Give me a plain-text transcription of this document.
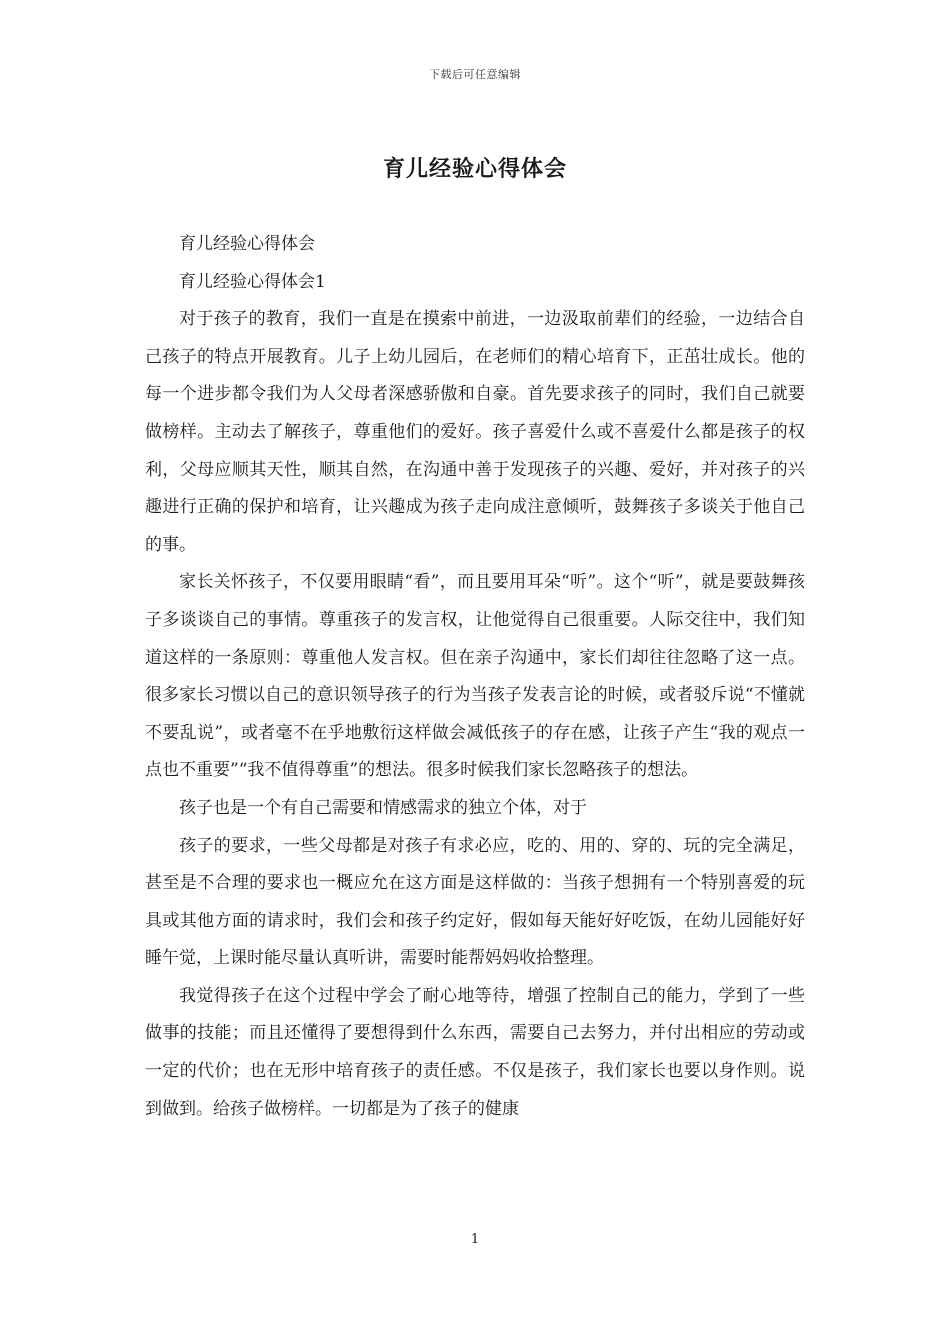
下载后可任意编辑
育儿经验心得体会

育儿经验心得体会

育儿经验心得体会1

对于孩子的教育，我们一直是在摸索中前进，一边汲取前辈们的经验，一边结合自己孩子的特点开展教育。儿子上幼儿园后，在老师们的精心培育下，正茁壮成长。他的每一个进步都令我们为人父母者深感骄傲和自豪。首先要求孩子的同时，我们自己就要做榜样。主动去了解孩子，尊重他们的爱好。孩子喜爱什么或不喜爱什么都是孩子的权利，父母应顺其天性，顺其自然，在沟通中善于发现孩子的兴趣、爱好，并对孩子的兴趣进行正确的保护和培育，让兴趣成为孩子走向成注意倾听，鼓舞孩子多谈关于他自己的事。

家长关怀孩子，不仅要用眼睛“看”，而且要用耳朵“听”。这个“听”，就是要鼓舞孩子多谈谈自己的事情。尊重孩子的发言权，让他觉得自己很重要。人际交往中，我们知道这样的一条原则：尊重他人发言权。但在亲子沟通中，家长们却往往忽略了这一点。很多家长习惯以自己的意识领导孩子的行为当孩子发表言论的时候，或者驳斥说“不懂就不要乱说”，或者毫不在乎地敷衍这样做会减低孩子的存在感，让孩子产生“我的观点一点也不重要”“我不值得尊重”的想法。很多时候我们家长忽略孩子的想法。

孩子也是一个有自己需要和情感需求的独立个体，对于

孩子的要求，一些父母都是对孩子有求必应，吃的、用的、穿的、玩的完全满足，甚至是不合理的要求也一概应允在这方面是这样做的：当孩子想拥有一个特别喜爱的玩具或其他方面的请求时，我们会和孩子约定好，假如每天能好好吃饭，在幼儿园能好好睡午觉，上课时能尽量认真听讲，需要时能帮妈妈收拾整理。

我觉得孩子在这个过程中学会了耐心地等待，增强了控制自己的能力，学到了一些做事的技能；而且还懂得了要想得到什么东西，需要自己去努力，并付出相应的劳动或一定的代价；也在无形中培育孩子的责任感。不仅是孩子，我们家长也要以身作则。说到做到。给孩子做榜样。一切都是为了孩子的健康

1
